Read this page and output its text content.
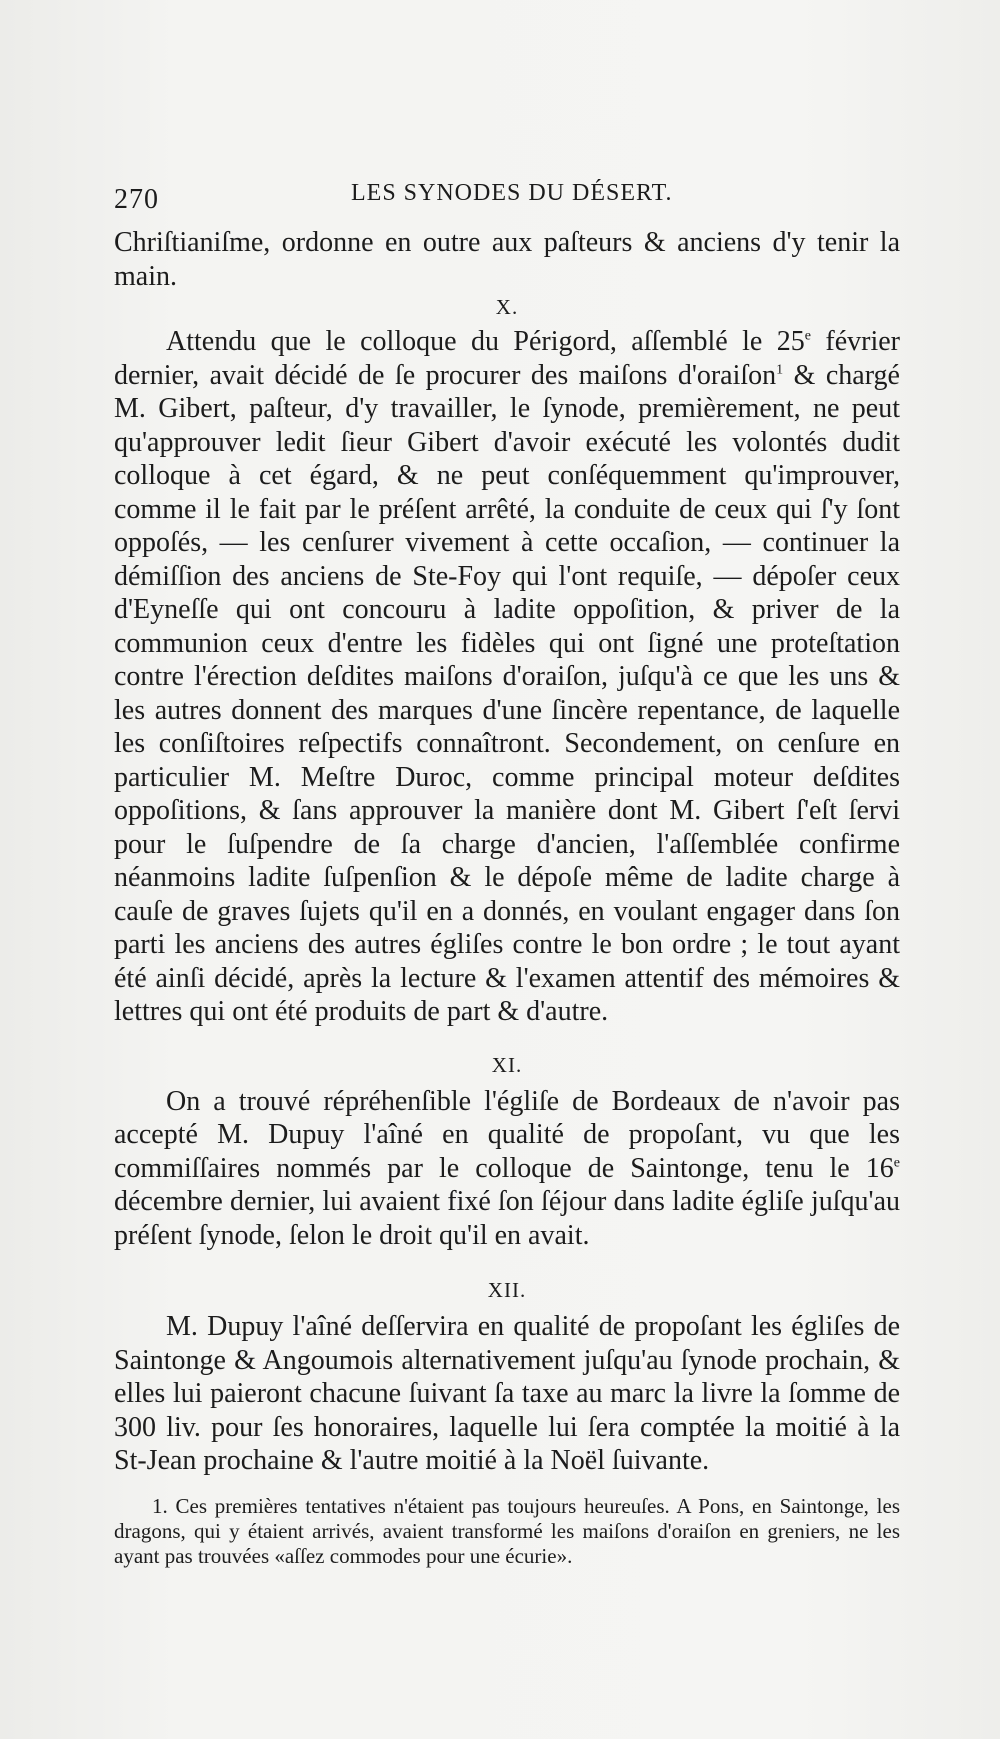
270	LES SYNODES DU DÉSERT.

Chriſtianiſme, ordonne en outre aux paſteurs & anciens d'y tenir la main.

X.

Attendu que le colloque du Périgord, aſſemblé le 25e février dernier, avait décidé de ſe procurer des maiſons d'oraiſon$^1$ & chargé M. Gibert, paſteur, d'y travailler, le ſynode, premièrement, ne peut qu'approuver ledit ſieur Gibert d'avoir exécuté les volontés dudit colloque à cet égard, & ne peut conſéquemment qu'improuver, comme il le fait par le préſent arrêté, la conduite de ceux qui ſ'y ſont oppoſés, — les cenſurer vivement à cette occaſion, — continuer la démiſſion des anciens de Ste-Foy qui l'ont requiſe, — dépoſer ceux d'Eyneſſe qui ont concouru à ladite oppoſition, & priver de la communion ceux d'entre les fidèles qui ont ſigné une proteſtation contre l'érection deſdites maiſons d'oraiſon, juſqu'à ce que les uns & les autres donnent des marques d'une ſincère repentance, de laquelle les conſiſtoires reſpectifs connaîtront. Secondement, on cenſure en particulier M. Meſtre Duroc, comme principal moteur deſdites oppoſitions, & ſans approuver la manière dont M. Gibert ſ'eſt ſervi pour le ſuſpendre de ſa charge d'ancien, l'aſſemblée confirme néanmoins ladite ſuſpenſion & le dépoſe même de ladite charge à cauſe de graves ſujets qu'il en a donnés, en voulant engager dans ſon parti les anciens des autres égliſes contre le bon ordre ; le tout ayant été ainſi décidé, après la lecture & l'examen attentif des mémoires & lettres qui ont été produits de part & d'autre.

XI.

On a trouvé répréhenſible l'égliſe de Bordeaux de n'avoir pas accepté M. Dupuy l'aîné en qualité de propoſant, vu que les commiſſaires nommés par le colloque de Saintonge, tenu le 16e décembre dernier, lui avaient fixé ſon ſéjour dans ladite égliſe juſqu'au préſent ſynode, ſelon le droit qu'il en avait.

XII.

M. Dupuy l'aîné deſſervira en qualité de propoſant les égliſes de Saintonge & Angoumois alternativement juſqu'au ſynode prochain, & elles lui paieront chacune ſuivant ſa taxe au marc la livre la ſomme de 300 liv. pour ſes honoraires, laquelle lui ſera comptée la moitié à la St-Jean prochaine & l'autre moitié à la Noël ſuivante.

1. Ces premières tentatives n'étaient pas toujours heureuſes. A Pons, en Saintonge, les dragons, qui y étaient arrivés, avaient transformé les maiſons d'oraiſon en greniers, ne les ayant pas trouvées «aſſez commodes pour une écurie».
